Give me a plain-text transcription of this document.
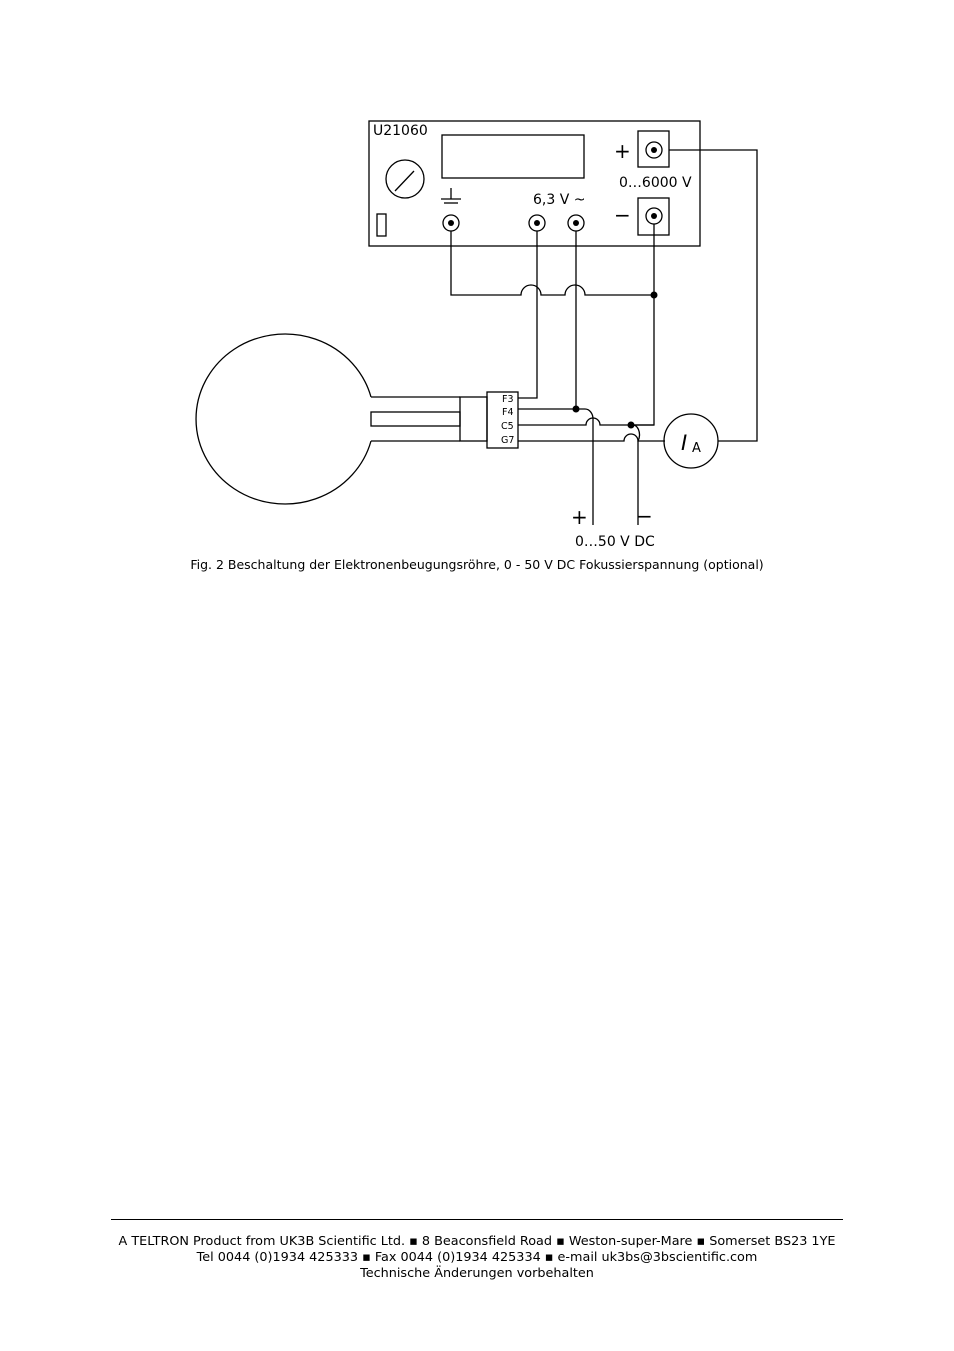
U21060
+
0…6000 V
−
6,3 V ~
F3
F4
C5
G7	I A
+ −
0…50 V DC
Fig. 2 Beschaltung der Elektronenbeugungsröhre, 0 - 50 V DC Fokussierspannung (optional)
A TELTRON Product from UK3B Scientific Ltd. ▪ 8 Beaconsfield Road ▪ Weston-super-Mare ▪ Somerset BS23 1YE
Tel 0044 (0)1934 425333 ▪ Fax 0044 (0)1934 425334 ▪ e-mail uk3bs@3bscientific.com
Technische Änderungen vorbehalten
